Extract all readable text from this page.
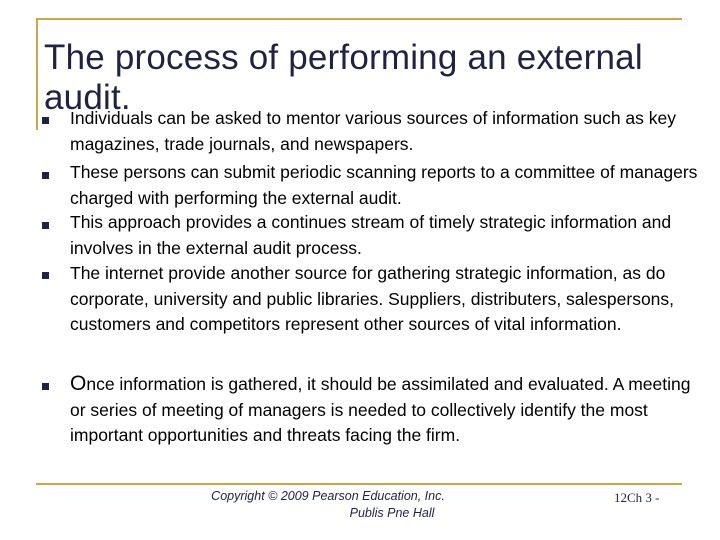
The process of performing an external
audit.
Individuals can be asked to mentor various sources of information such as key magazines, trade journals, and newspapers.
These persons can submit periodic scanning reports to a committee of managers charged with performing the external audit.
This approach provides a continues stream of timely strategic information and involves in the external audit process.
The internet provide another source for gathering strategic information, as do corporate, university and public libraries. Suppliers, distributers, salespersons, customers and competitors represent other sources of vital information.
Once information is gathered, it should be assimilated and evaluated. A meeting or series of meeting of managers is needed to collectively identify the most important opportunities and threats facing the firm.
Copyright © 2009 Pearson Education, Inc.
Publis Pne Hall
12Ch 3 -
